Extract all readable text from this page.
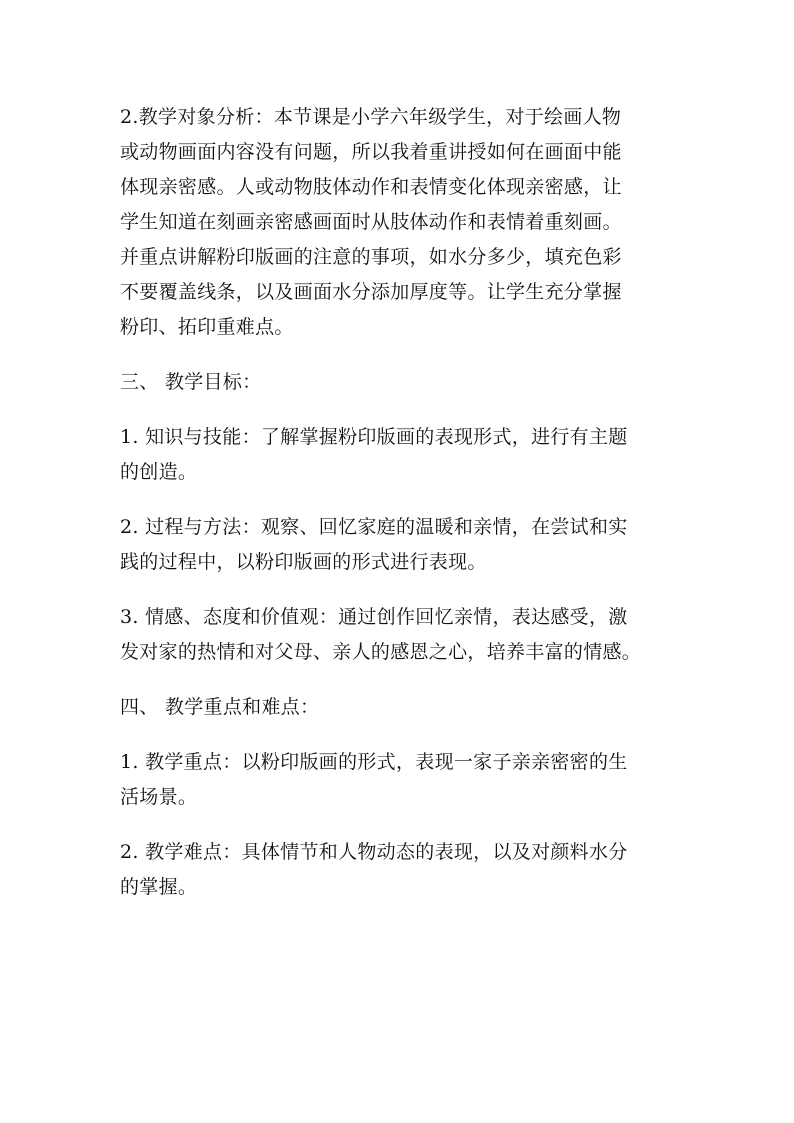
2.教学对象分析：本节课是小学六年级学生，对于绘画人物
或动物画面内容没有问题，所以我着重讲授如何在画面中能
体现亲密感。人或动物肢体动作和表情变化体现亲密感，让
学生知道在刻画亲密感画面时从肢体动作和表情着重刻画。
并重点讲解粉印版画的注意的事项，如水分多少，填充色彩
不要覆盖线条，以及画面水分添加厚度等。让学生充分掌握
粉印、拓印重难点。

三、 教学目标：

1. 知识与技能：了解掌握粉印版画的表现形式，进行有主题
的创造。

2. 过程与方法：观察、回忆家庭的温暖和亲情，在尝试和实
践的过程中，以粉印版画的形式进行表现。

3. 情感、态度和价值观：通过创作回忆亲情，表达感受，激
发对家的热情和对父母、亲人的感恩之心，培养丰富的情感。

四、 教学重点和难点：

1. 教学重点：以粉印版画的形式，表现一家子亲亲密密的生
活场景。

2. 教学难点：具体情节和人物动态的表现，以及对颜料水分
的掌握。
